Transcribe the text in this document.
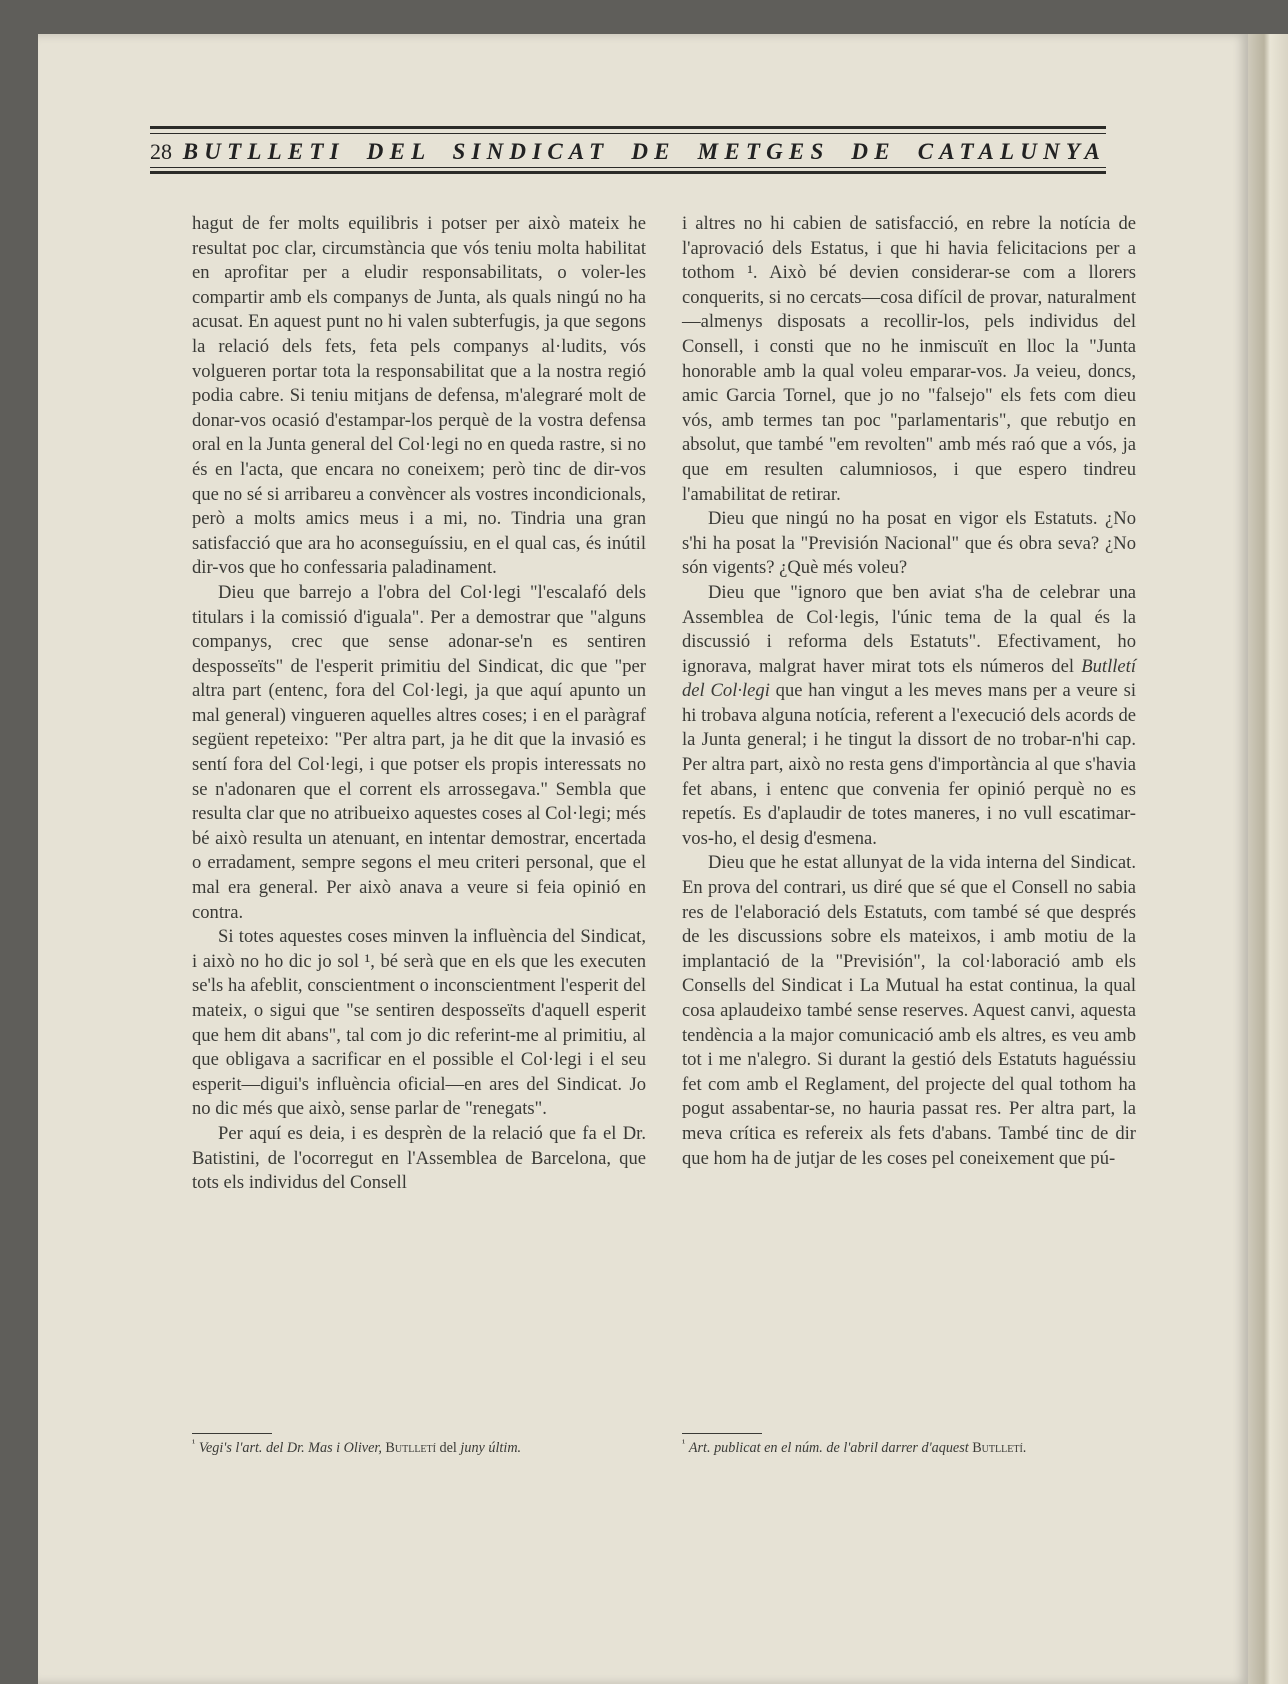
28 BUTLLETI DEL SINDICAT DE METGES DE CATALUNYA

hagut de fer molts equilibris i potser per això mateix he resultat poc clar, circumstància que vós teniu molta habilitat en aprofitar per a eludir responsabilitats, o voler-les compartir amb els companys de Junta, als quals ningú no ha acusat. En aquest punt no hi valen subterfugis, ja que segons la relació dels fets, feta pels companys al·ludits, vós volgueren portar tota la responsabilitat que a la nostra regió podia cabre. Si teniu mitjans de defensa, m'alegraré molt de donar-vos ocasió d'estampar-los perquè de la vostra defensa oral en la Junta general del Col·legi no en queda rastre, si no és en l'acta, que encara no coneixem; però tinc de dir-vos que no sé si arribareu a convèncer als vostres incondicionals, però a molts amics meus i a mi, no. Tindria una gran satisfacció que ara ho aconseguíssiu, en el qual cas, és inútil dir-vos que ho confessaria paladinament.

Dieu que barrejo a l'obra del Col·legi "l'escalafó dels titulars i la comissió d'iguala". Per a demostrar que "alguns companys, crec que sense adonar-se'n es sentiren desposseïts" de l'esperit primitiu del Sindicat, dic que "per altra part (entenc, fora del Col·legi, ja que aquí apunto un mal general) vingueren aquelles altres coses; i en el paràgraf següent repeteixo: "Per altra part, ja he dit que la invasió es sentí fora del Col·legi, i que potser els propis interessats no se n'adonaren que el corrent els arrossegava." Sembla que resulta clar que no atribueixo aquestes coses al Col·legi; més bé això resulta un atenuant, en intentar demostrar, encertada o erradament, sempre segons el meu criteri personal, que el mal era general. Per això anava a veure si feia opinió en contra.

Si totes aquestes coses minven la influència del Sindicat, i això no ho dic jo sol ¹, bé serà que en els que les executen se'ls ha afeblit, conscientment o inconscientment l'esperit del mateix, o sigui que "se sentiren desposseïts d'aquell esperit que hem dit abans", tal com jo dic referint-me al primitiu, al que obligava a sacrificar en el possible el Col·legi i el seu esperit—digui's influència oficial—en ares del Sindicat. Jo no dic més que això, sense parlar de "renegats".

Per aquí es deia, i es desprèn de la relació que fa el Dr. Batistini, de l'ocorregut en l'Assemblea de Barcelona, que tots els individus del Consell

i altres no hi cabien de satisfacció, en rebre la notícia de l'aprovació dels Estatus, i que hi havia felicitacions per a tothom ¹. Això bé devien considerar-se com a llorers conquerits, si no cercats—cosa difícil de provar, naturalment—almenys disposats a recollir-los, pels individus del Consell, i consti que no he inmiscuït en lloc la "Junta honorable amb la qual voleu emparar-vos. Ja veieu, doncs, amic Garcia Tornel, que jo no "falsejo" els fets com dieu vós, amb termes tan poc "parlamentaris", que rebutjo en absolut, que també "em revolten" amb més raó que a vós, ja que em resulten calumniosos, i que espero tindreu l'amabilitat de retirar.

Dieu que ningú no ha posat en vigor els Estatuts. ¿No s'hi ha posat la "Previsión Nacional" que és obra seva? ¿No són vigents? ¿Què més voleu?

Dieu que "ignoro que ben aviat s'ha de celebrar una Assemblea de Col·legis, l'únic tema de la qual és la discussió i reforma dels Estatuts". Efectivament, ho ignorava, malgrat haver mirat tots els números del Butlletí del Col·legi que han vingut a les meves mans per a veure si hi trobava alguna notícia, referent a l'execució dels acords de la Junta general; i he tingut la dissort de no trobar-n'hi cap. Per altra part, això no resta gens d'importància al que s'havia fet abans, i entenc que convenia fer opinió perquè no es repetís. Es d'aplaudir de totes maneres, i no vull escatimar-vos-ho, el desig d'esmena.

Dieu que he estat allunyat de la vida interna del Sindicat. En prova del contrari, us diré que sé que el Consell no sabia res de l'elaboració dels Estatuts, com també sé que després de les discussions sobre els mateixos, i amb motiu de la implantació de la "Previsión", la col·laboració amb els Consells del Sindicat i La Mutual ha estat continua, la qual cosa aplaudeixo també sense reserves. Aquest canvi, aquesta tendència a la major comunicació amb els altres, es veu amb tot i me n'alegro. Si durant la gestió dels Estatuts haguéssiu fet com amb el Reglament, del projecte del qual tothom ha pogut assabentar-se, no hauria passat res. Per altra part, la meva crítica es refereix als fets d'abans. També tinc de dir que hom ha de jutjar de les coses pel coneixement que pú-

$^{^1}$ Vegi's l'art. del Dr. Mas i Oliver, Butlletí del juny últim.	$^{^1}$ Art. publicat en el núm. de l'abril darrer d'aquest Butlletí.
